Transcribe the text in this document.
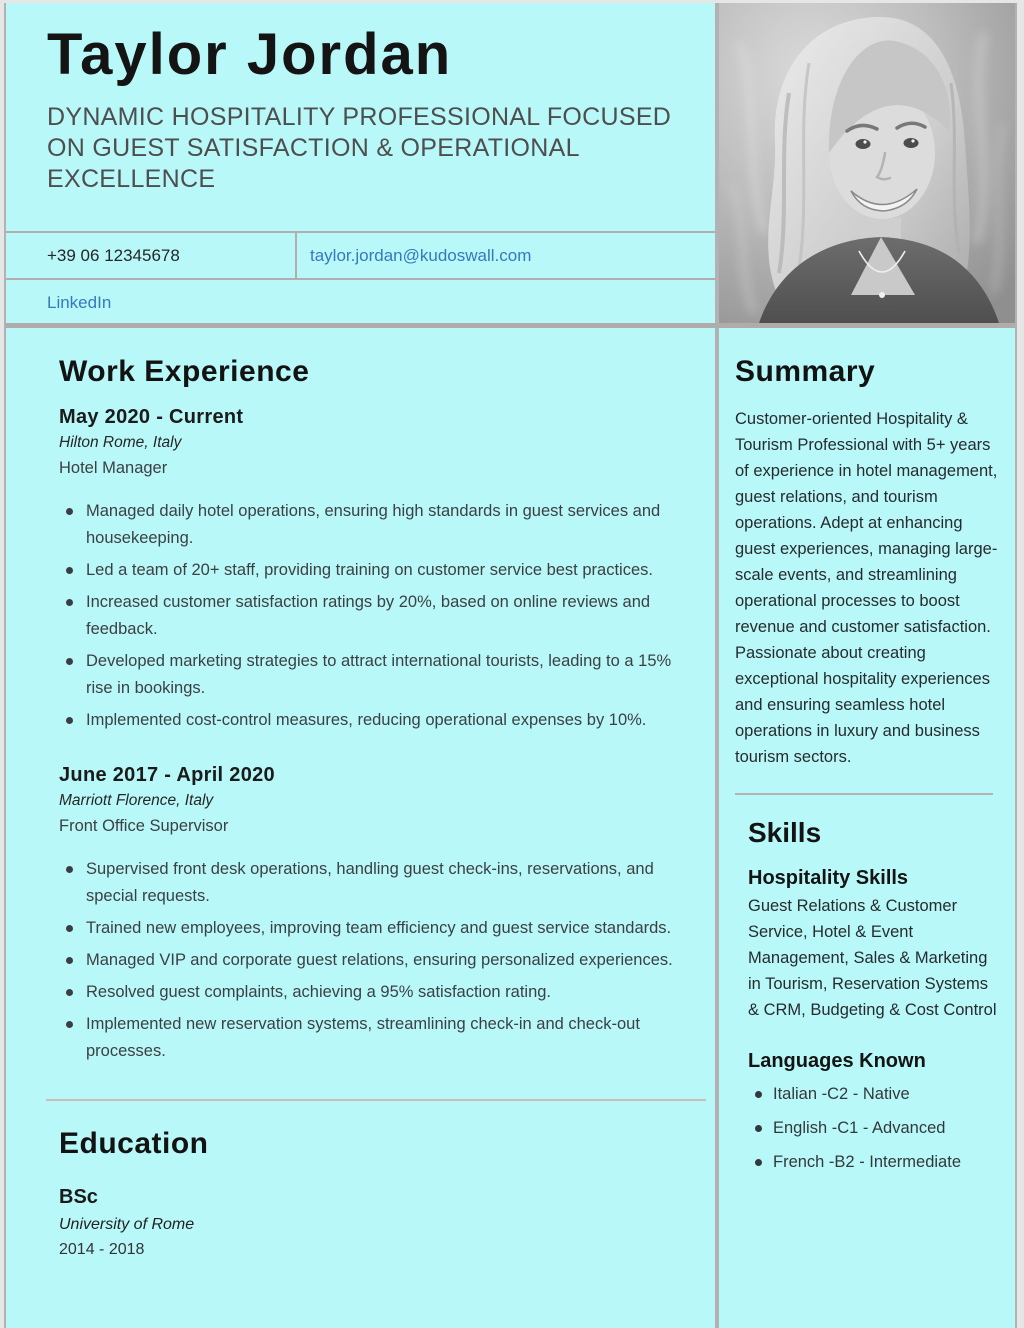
Taylor Jordan
DYNAMIC HOSPITALITY PROFESSIONAL FOCUSED ON GUEST SATISFACTION & OPERATIONAL EXCELLENCE
+39 06 12345678	taylor.jordan@kudoswall.com
LinkedIn
Work Experience
May 2020 - Current
Hilton Rome, Italy
Hotel Manager
Managed daily hotel operations, ensuring high standards in guest services and housekeeping.
Led a team of 20+ staff, providing training on customer service best practices.
Increased customer satisfaction ratings by 20%, based on online reviews and feedback.
Developed marketing strategies to attract international tourists, leading to a 15% rise in bookings.
Implemented cost-control measures, reducing operational expenses by 10%.
June 2017 - April 2020
Marriott Florence, Italy
Front Office Supervisor
Supervised front desk operations, handling guest check-ins, reservations, and special requests.
Trained new employees, improving team efficiency and guest service standards.
Managed VIP and corporate guest relations, ensuring personalized experiences.
Resolved guest complaints, achieving a 95% satisfaction rating.
Implemented new reservation systems, streamlining check-in and check-out processes.
Education
BSc
University of Rome
2014 - 2018
Summary
Customer-oriented Hospitality & Tourism Professional with 5+ years of experience in hotel management, guest relations, and tourism operations. Adept at enhancing guest experiences, managing large-scale events, and streamlining operational processes to boost revenue and customer satisfaction. Passionate about creating exceptional hospitality experiences and ensuring seamless hotel operations in luxury and business tourism sectors.
Skills
Hospitality Skills
Guest Relations & Customer Service, Hotel & Event Management, Sales & Marketing in Tourism, Reservation Systems & CRM, Budgeting & Cost Control
Languages Known
Italian -C2 - Native
English -C1 - Advanced
French -B2 - Intermediate
